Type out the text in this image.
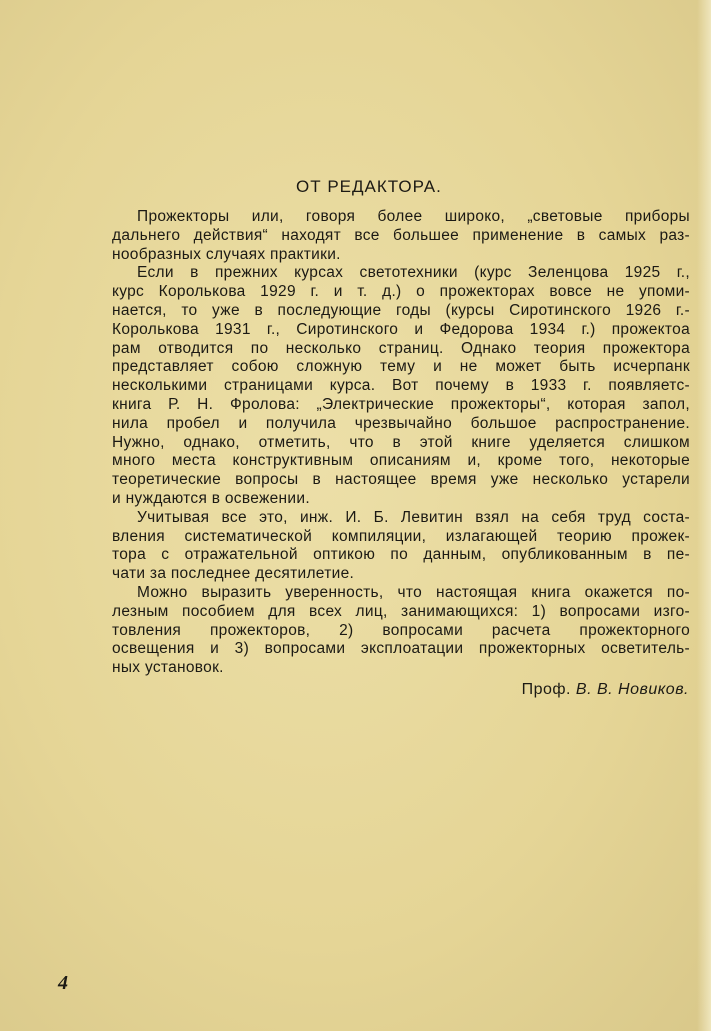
ОТ РЕДАКТОРА.
Прожекторы или, говоря более широко, „световые приборы
дальнего действия“ находят все большее применение в самых раз-
нообразных случаях практики.
Если в прежних курсах светотехники (курс Зеленцова 1925 г.,
курс Королькова 1929 г. и т. д.) о прожекторах вовсе не упоми-
нается, то уже в последующие годы (курсы Сиротинского 1926 г.-
Королькова 1931 г., Сиротинского и Федорова 1934 г.) прожектоа
рам отводится по несколько страниц. Однако теория прожектора
представляет собою сложную тему и не может быть исчерпанк
несколькими страницами курса. Вот почему в 1933 г. появляетс-
книга Р. Н. Фролова: „Электрические прожекторы“, которая запол,
нила пробел и получила чрезвычайно большое распространение.
Нужно, однако, отметить, что в этой книге уделяется слишком
много места конструктивным описаниям и, кроме того, некоторые
теоретические вопросы в настоящее время уже несколько устарели
и нуждаются в освежении.
Учитывая все это, инж. И. Б. Левитин взял на себя труд соста-
вления систематической компиляции, излагающей теорию прожек-
тора с отражательной оптикою по данным, опубликованным в пе-
чати за последнее десятилетие.
Можно выразить уверенность, что настоящая книга окажется по-
лезным пособием для всех лиц, занимающихся: 1) вопросами изго-
товления прожекторов, 2) вопросами расчета прожекторного
освещения и 3) вопросами эксплоатации прожекторных осветитель-
ных установок.
Проф. В. В. Новиков.
4
